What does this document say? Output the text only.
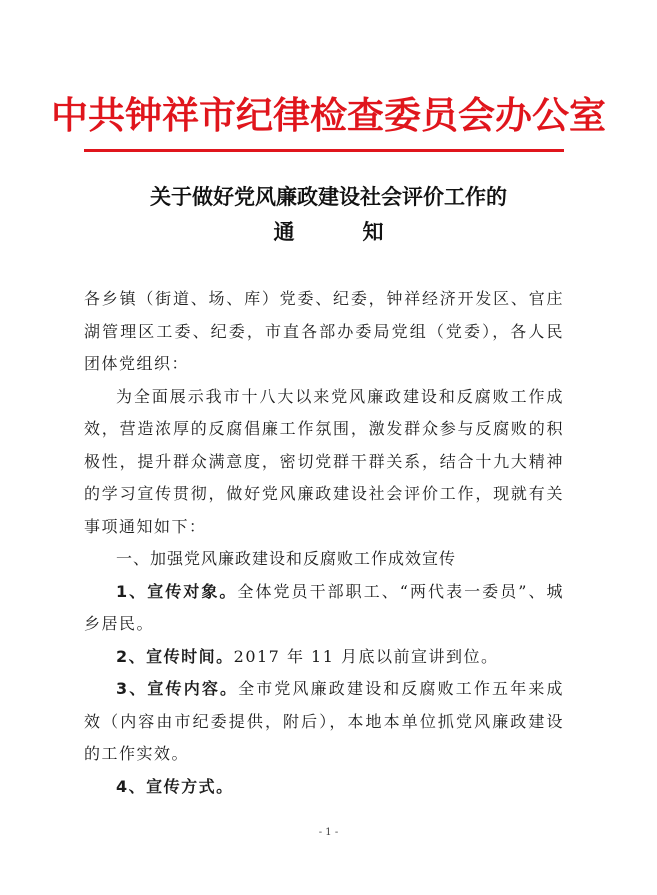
中共钟祥市纪律检查委员会办公室
关于做好党风廉政建设社会评价工作的
通	知

各乡镇（街道、场、库）党委、纪委，钟祥经济开发区、官庄湖管理区工委、纪委，市直各部办委局党组（党委），各人民团体党组织：

为全面展示我市十八大以来党风廉政建设和反腐败工作成效，营造浓厚的反腐倡廉工作氛围，激发群众参与反腐败的积极性，提升群众满意度，密切党群干群关系，结合十九大精神的学习宣传贯彻，做好党风廉政建设社会评价工作，现就有关事项通知如下：

一、加强党风廉政建设和反腐败工作成效宣传

1、宣传对象。全体党员干部职工、“两代表一委员”、城乡居民。

2、宣传时间。2017 年 11 月底以前宣讲到位。

3、宣传内容。全市党风廉政建设和反腐败工作五年来成效（内容由市纪委提供，附后），本地本单位抓党风廉政建设的工作实效。

4、宣传方式。

- 1 -
